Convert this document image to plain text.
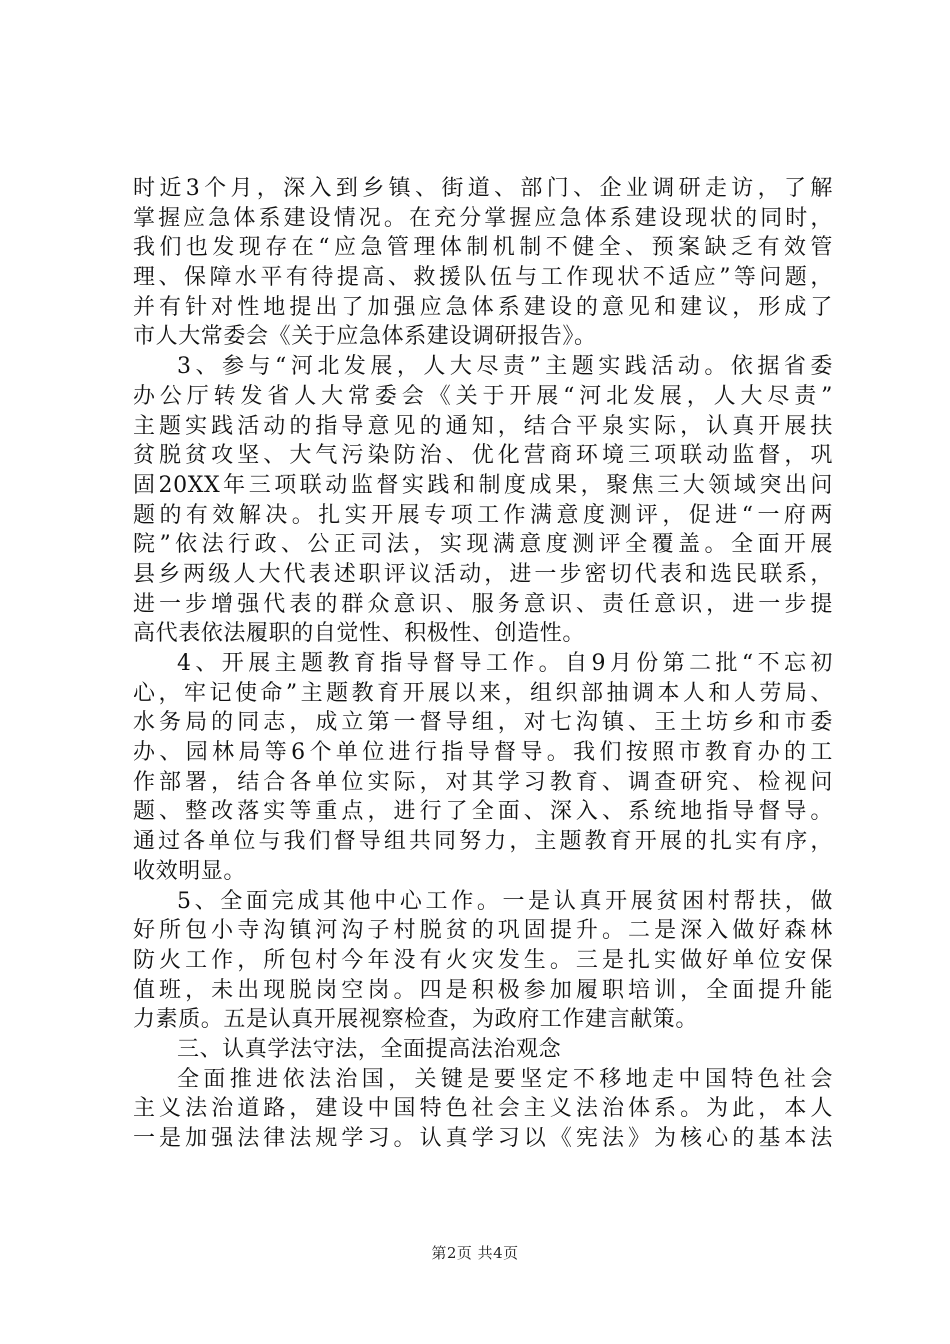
时近3个月，深入到乡镇、街道、部门、企业调研走访，了解
掌握应急体系建设情况。在充分掌握应急体系建设现状的同时，
我们也发现存在“应急管理体制机制不健全、预案缺乏有效管
理、保障水平有待提高、救援队伍与工作现状不适应”等问题，
并有针对性地提出了加强应急体系建设的意见和建议，形成了
市人大常委会《关于应急体系建设调研报告》。
3、参与“河北发展，人大尽责”主题实践活动。依据省委
办公厅转发省人大常委会《关于开展“河北发展，人大尽责”
主题实践活动的指导意见的通知，结合平泉实际，认真开展扶
贫脱贫攻坚、大气污染防治、优化营商环境三项联动监督，巩
固20XX年三项联动监督实践和制度成果，聚焦三大领域突出问
题的有效解决。扎实开展专项工作满意度测评，促进“一府两
院”依法行政、公正司法，实现满意度测评全覆盖。全面开展
县乡两级人大代表述职评议活动，进一步密切代表和选民联系，
进一步增强代表的群众意识、服务意识、责任意识，进一步提
高代表依法履职的自觉性、积极性、创造性。
4、开展主题教育指导督导工作。自9月份第二批“不忘初
心，牢记使命”主题教育开展以来，组织部抽调本人和人劳局、
水务局的同志，成立第一督导组，对七沟镇、王土坊乡和市委
办、园林局等6个单位进行指导督导。我们按照市教育办的工
作部署，结合各单位实际，对其学习教育、调查研究、检视问
题、整改落实等重点，进行了全面、深入、系统地指导督导。
通过各单位与我们督导组共同努力，主题教育开展的扎实有序，
收效明显。
5、全面完成其他中心工作。一是认真开展贫困村帮扶，做
好所包小寺沟镇河沟子村脱贫的巩固提升。二是深入做好森林
防火工作，所包村今年没有火灾发生。三是扎实做好单位安保
值班，未出现脱岗空岗。四是积极参加履职培训，全面提升能
力素质。五是认真开展视察检查，为政府工作建言献策。
三、认真学法守法，全面提高法治观念
全面推进依法治国，关键是要坚定不移地走中国特色社会
主义法治道路，建设中国特色社会主义法治体系。为此，本人
一是加强法律法规学习。认真学习以《宪法》为核心的基本法
第2页 共4页
